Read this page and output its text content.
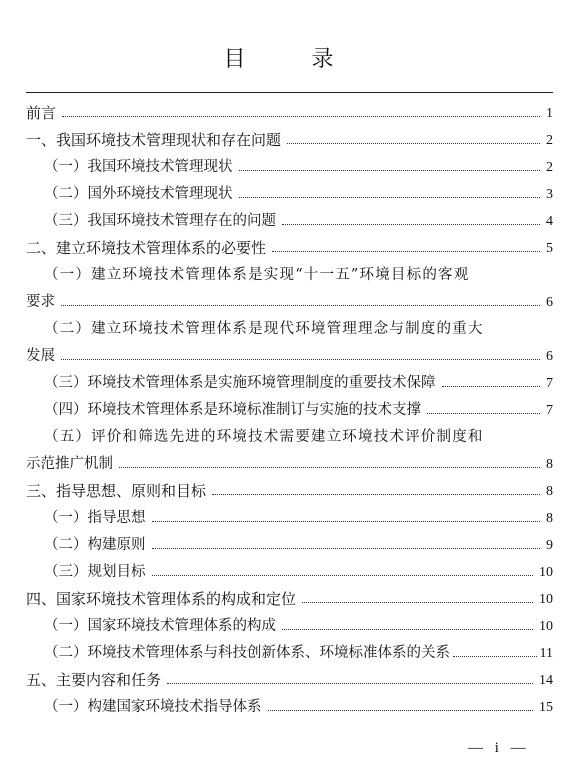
目　录
前言	1
一、我国环境技术管理现状和存在问题	2
（一）我国环境技术管理现状	2
（二）国外环境技术管理现状	3
（三）我国环境技术管理存在的问题	4
二、建立环境技术管理体系的必要性	5
（一）建立环境技术管理体系是实现“十一五”环境目标的客观
要求	6
（二）建立环境技术管理体系是现代环境管理理念与制度的重大
发展	6
（三）环境技术管理体系是实施环境管理制度的重要技术保障	7
（四）环境技术管理体系是环境标准制订与实施的技术支撑	7
（五）评价和筛选先进的环境技术需要建立环境技术评价制度和
示范推广机制	8
三、指导思想、原则和目标	8
（一）指导思想	8
（二）构建原则	9
（三）规划目标	10
四、国家环境技术管理体系的构成和定位	10
（一）国家环境技术管理体系的构成	10
（二）环境技术管理体系与科技创新体系、环境标准体系的关系	11
五、主要内容和任务	14
（一）构建国家环境技术指导体系	15
— i —
